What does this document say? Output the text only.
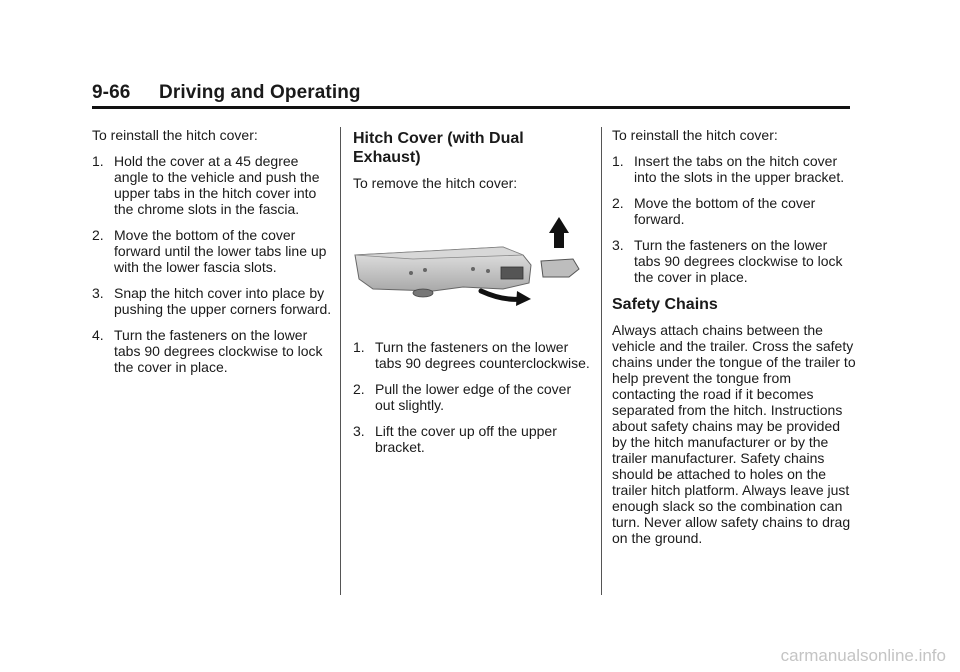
9-66 Driving and Operating

To reinstall the hitch cover:

1. Hold the cover at a 45 degree angle to the vehicle and push the upper tabs in the hitch cover into the chrome slots in the fascia.
2. Move the bottom of the cover forward until the lower tabs line up with the lower fascia slots.
3. Snap the hitch cover into place by pushing the upper corners forward.
4. Turn the fasteners on the lower tabs 90 degrees clockwise to lock the cover in place.
Hitch Cover (with Dual Exhaust)

To remove the hitch cover:

1. Turn the fasteners on the lower tabs 90 degrees counterclockwise.
2. Pull the lower edge of the cover out slightly.
3. Lift the cover up off the upper bracket.

To reinstall the hitch cover:

1. Insert the tabs on the hitch cover into the slots in the upper bracket.
2. Move the bottom of the cover forward.
3. Turn the fasteners on the lower tabs 90 degrees clockwise to lock the cover in place.
Safety Chains

Always attach chains between the vehicle and the trailer. Cross the safety chains under the tongue of the trailer to help prevent the tongue from contacting the road if it becomes separated from the hitch. Instructions about safety chains may be provided by the hitch manufacturer or by the trailer manufacturer. Safety chains should be attached to holes on the trailer hitch platform. Always leave just enough slack so the combination can turn. Never allow safety chains to drag on the ground.

carmanualsonline.info
